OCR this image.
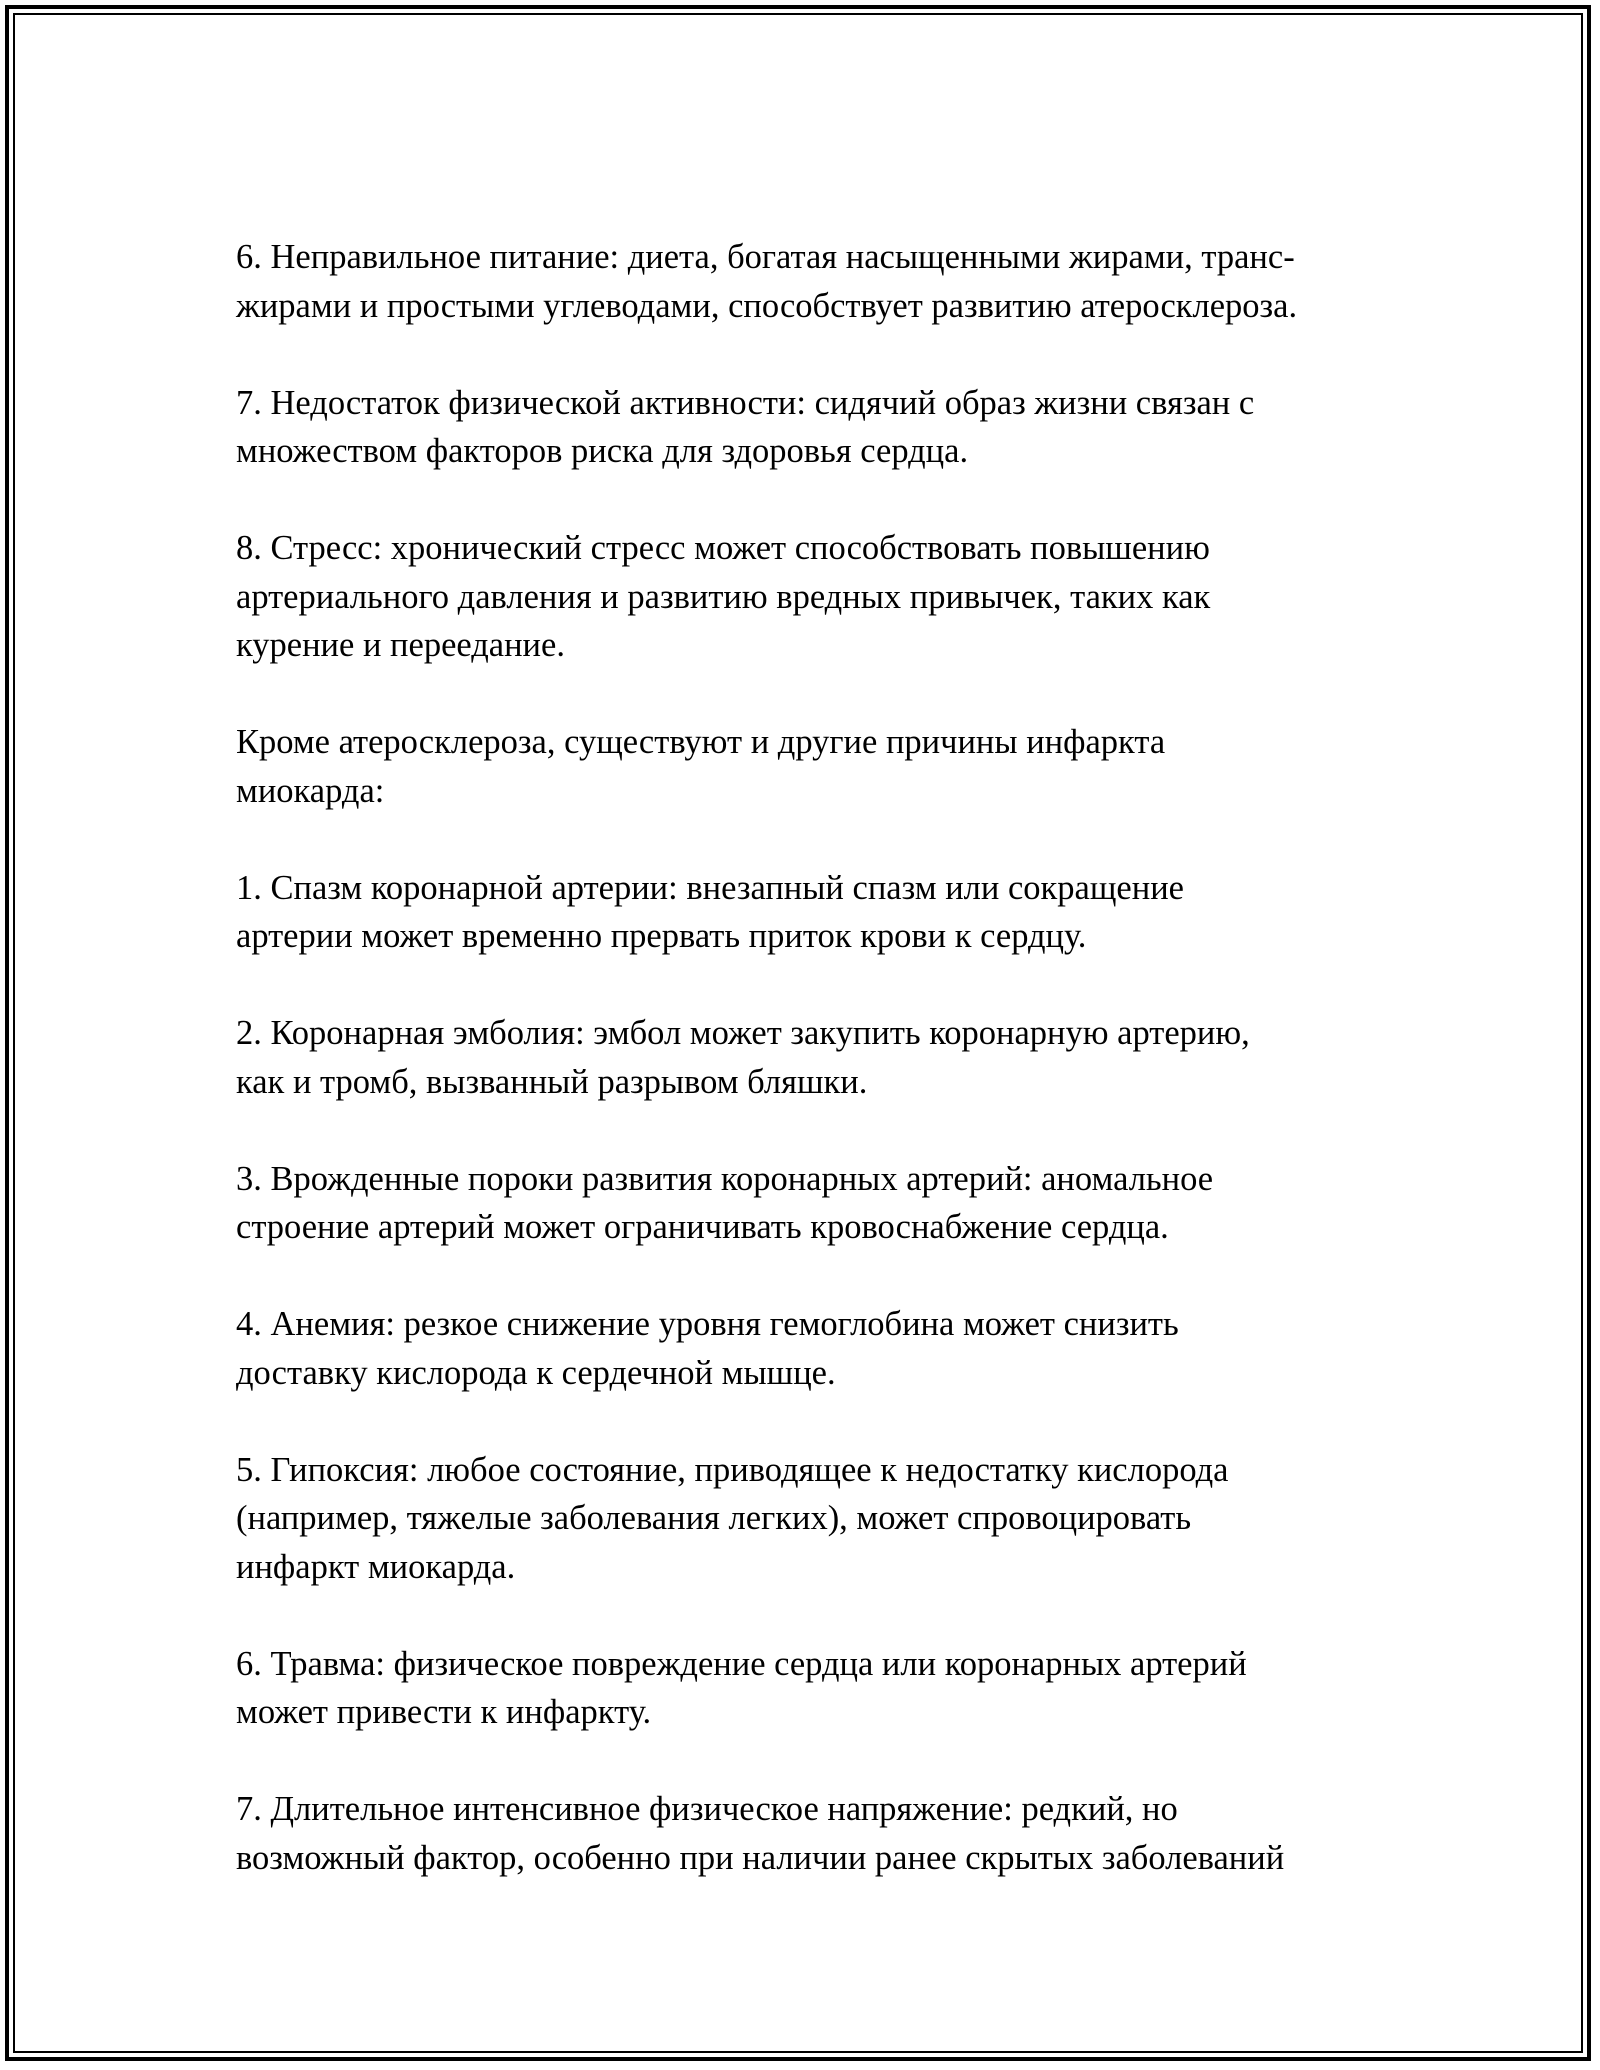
6. Неправильное питание: диета, богатая насыщенными жирами, транс-
жирами и простыми углеводами, способствует развитию атеросклероза.

7. Недостаток физической активности: сидячий образ жизни связан с
множеством факторов риска для здоровья сердца.

8. Стресс: хронический стресс может способствовать повышению
артериального давления и развитию вредных привычек, таких как
курение и переедание.

Кроме атеросклероза, существуют и другие причины инфаркта
миокарда:

1. Спазм коронарной артерии: внезапный спазм или сокращение
артерии может временно прервать приток крови к сердцу.

2. Коронарная эмболия: эмбол может закупить коронарную артерию,
как и тромб, вызванный разрывом бляшки.

3. Врожденные пороки развития коронарных артерий: аномальное
строение артерий может ограничивать кровоснабжение сердца.

4. Анемия: резкое снижение уровня гемоглобина может снизить
доставку кислорода к сердечной мышце.

5. Гипоксия: любое состояние, приводящее к недостатку кислорода
(например, тяжелые заболевания легких), может спровоцировать
инфаркт миокарда.

6. Травма: физическое повреждение сердца или коронарных артерий
может привести к инфаркту.

7. Длительное интенсивное физическое напряжение: редкий, но
возможный фактор, особенно при наличии ранее скрытых заболеваний
